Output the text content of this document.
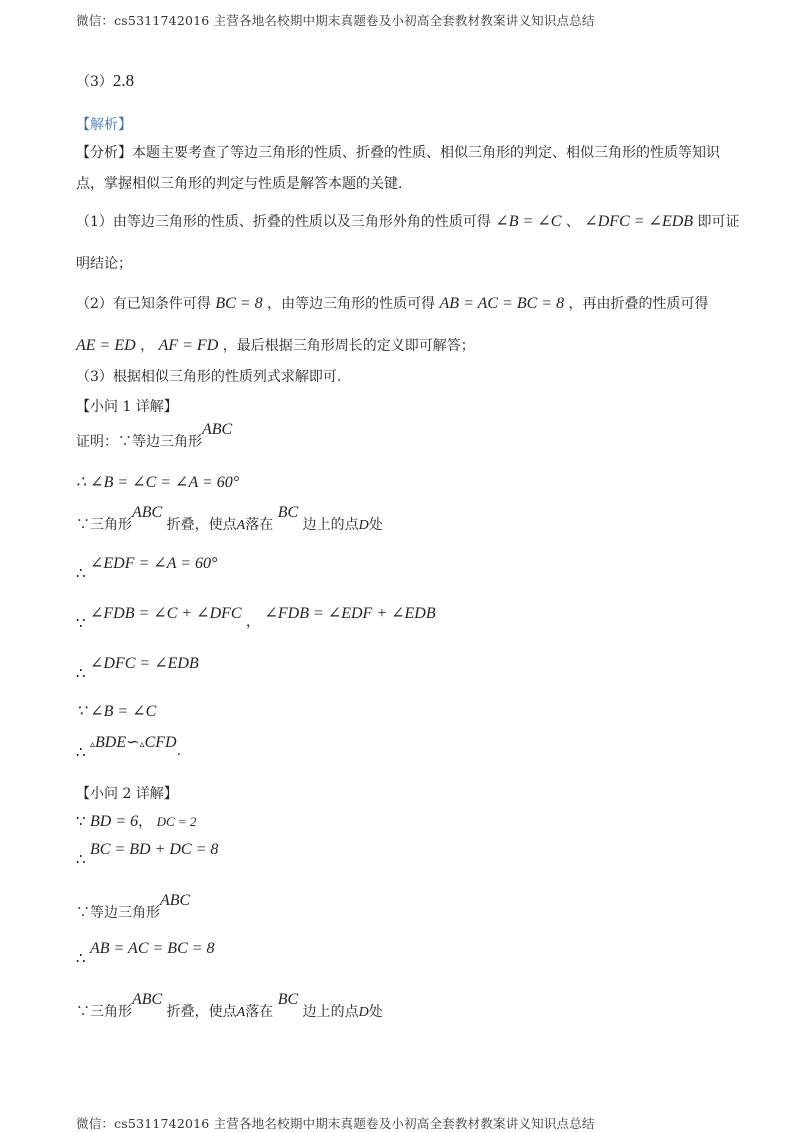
微信：cs5311742016 主营各地名校期中期末真题卷及小初高全套教材教案讲义知识点总结
（3）2.8
【解析】
【分析】本题主要考查了等边三角形的性质、折叠的性质、相似三角形的判定、相似三角形的性质等知识
点，掌握相似三角形的判定与性质是解答本题的关键.
（1）由等边三角形的性质、折叠的性质以及三角形外角的性质可得 ∠B = ∠C 、 ∠DFC = ∠EDB 即可证
明结论；
（2）有已知条件可得 BC = 8 ，由等边三角形的性质可得 AB = AC = BC = 8 ，再由折叠的性质可得
AE = ED ， AF = FD ，最后根据三角形周长的定义即可解答；
（3）根据相似三角形的性质列式求解即可.
【小问 1 详解】
证明：∵等边三角形ABC
∴ ∠B = ∠C = ∠A = 60°
∵三角形ABC 折叠，使点A落在 BC 边上的点D处
∴ ∠EDF = ∠A = 60°
∵ ∠FDB = ∠C + ∠DFC ， ∠FDB = ∠EDF + ∠EDB
∴ ∠DFC = ∠EDB
∵ ∠B = ∠C
∴ ▵BDE∽▵CFD.
【小问 2 详解】
∵ BD = 6， DC = 2
∴ BC = BD + DC = 8
∵等边三角形ABC
∴ AB = AC = BC = 8
∵三角形ABC 折叠，使点A落在 BC 边上的点D处
微信：cs5311742016 主营各地名校期中期末真题卷及小初高全套教材教案讲义知识点总结
